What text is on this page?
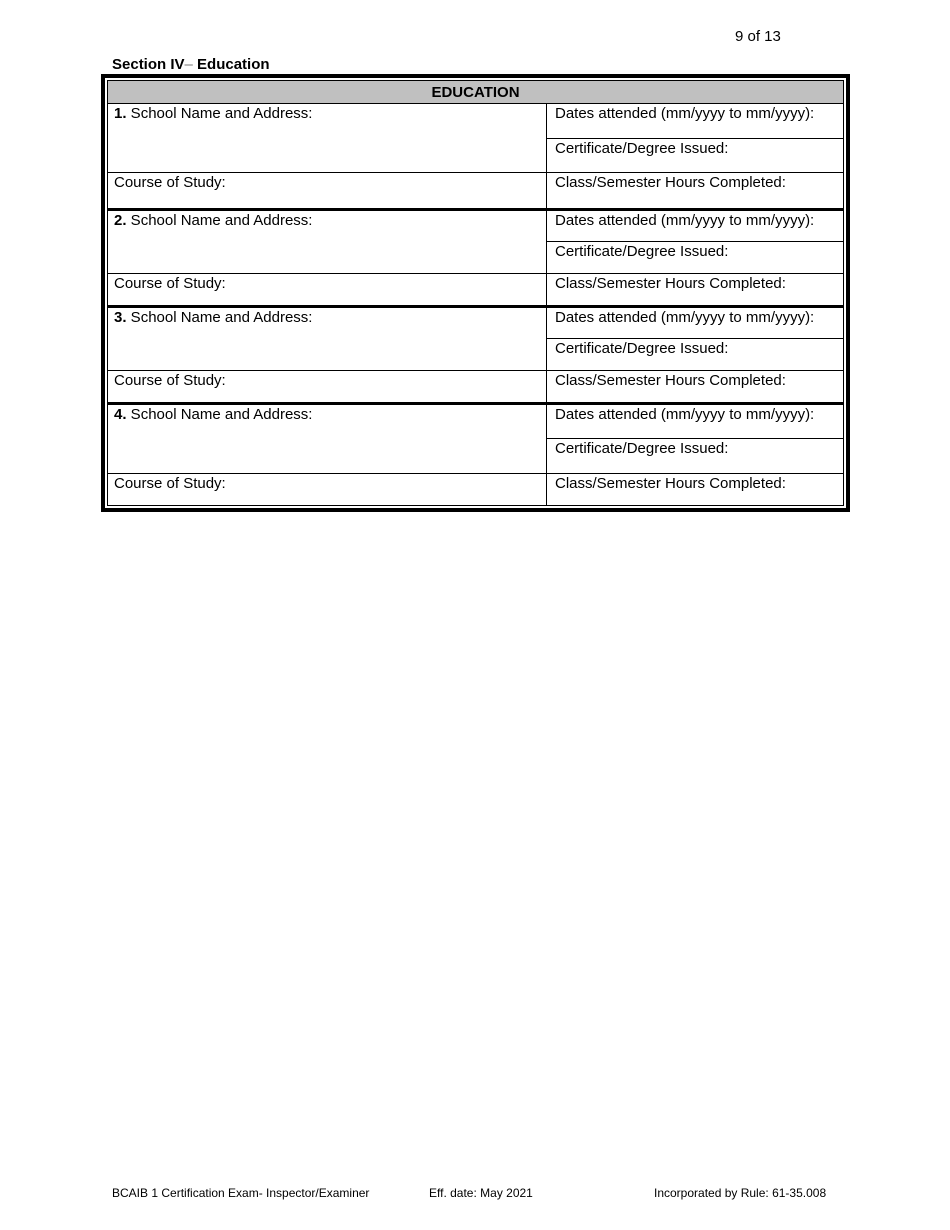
9 of 13
Section IV– Education
EDUCATION	

1. School Name and Address:	Dates attended (mm/yyyy to mm/yyyy):

	Certificate/Degree Issued:

Course of Study:	Class/Semester Hours Completed:

2. School Name and Address:	Dates attended (mm/yyyy to mm/yyyy):

	Certificate/Degree Issued:

Course of Study:	Class/Semester Hours Completed:

3. School Name and Address:	Dates attended (mm/yyyy to mm/yyyy):

	Certificate/Degree Issued:

Course of Study:	Class/Semester Hours Completed:

4. School Name and Address:	Dates attended (mm/yyyy to mm/yyyy):

	Certificate/Degree Issued:

Course of Study:	Class/Semester Hours Completed:
BCAIB 1 Certification Exam- Inspector/Examiner	Eff. date: May 2021	Incorporated by Rule: 61-35.008
